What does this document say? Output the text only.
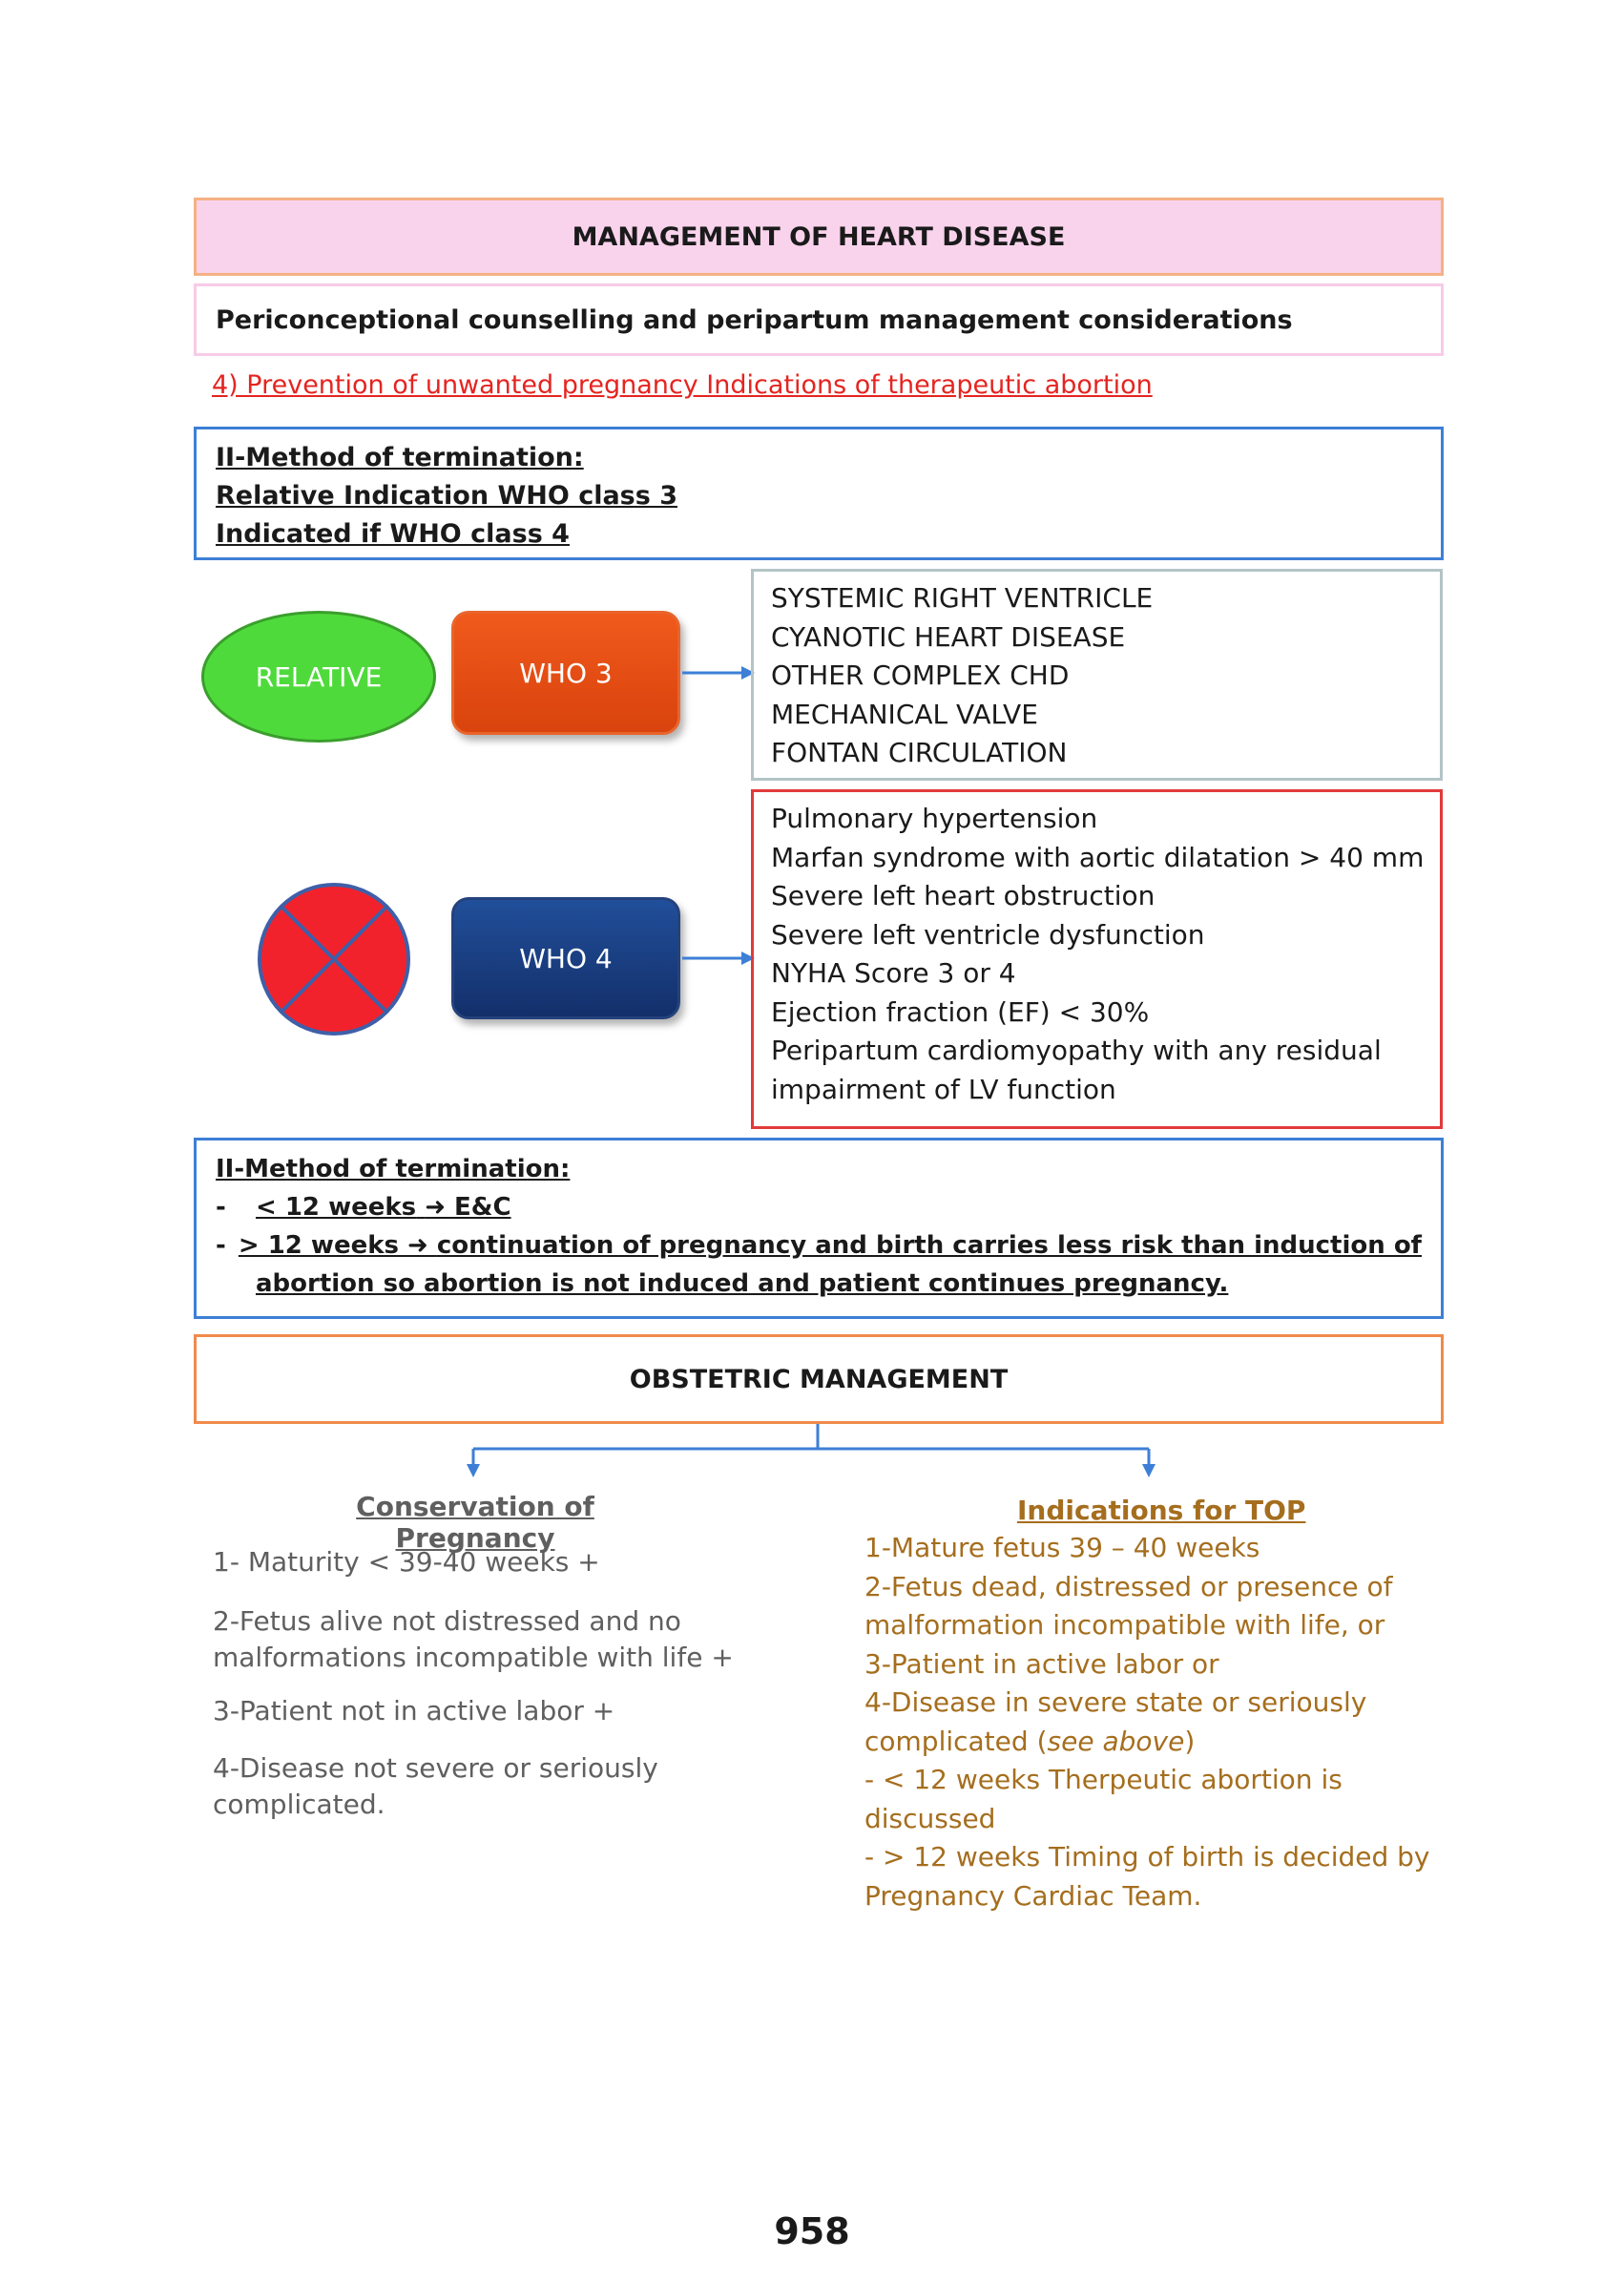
MANAGEMENT OF HEART DISEASE
Periconceptional counselling and peripartum management considerations
4) Prevention of unwanted pregnancy Indications of therapeutic abortion
II-Method of termination:
Relative Indication WHO class 3
Indicated if WHO class 4
RELATIVE	WHO 3
SYSTEMIC RIGHT VENTRICLE
CYANOTIC HEART DISEASE
OTHER COMPLEX CHD
MECHANICAL VALVE
FONTAN CIRCULATION
WHO 4
Pulmonary hypertension
Marfan syndrome with aortic dilatation > 40 mm
Severe left heart obstruction
Severe left ventricle dysfunction
NYHA Score 3 or 4
Ejection fraction (EF) < 30%
Peripartum cardiomyopathy with any residual
impairment of LV function
II-Method of termination:
-	< 12 weeks ➜ E&C
- > 12 weeks ➜ continuation of pregnancy and birth carries less risk than induction of
abortion so abortion is not induced and patient continues pregnancy.
OBSTETRIC MANAGEMENT
Conservation of Pregnancy
1- Maturity < 39-40 weeks +
2-Fetus alive not distressed and no
malformations incompatible with life +
3-Patient not in active labor +
4-Disease not severe or seriously
complicated.
Indications for TOP
1-Mature fetus 39 – 40 weeks
2-Fetus dead, distressed or presence of
malformation incompatible with life, or
3-Patient in active labor or
4-Disease in severe state or seriously
complicated (see above)
- < 12 weeks Therpeutic abortion is
discussed
- > 12 weeks Timing of birth is decided by
Pregnancy Cardiac Team.
958
